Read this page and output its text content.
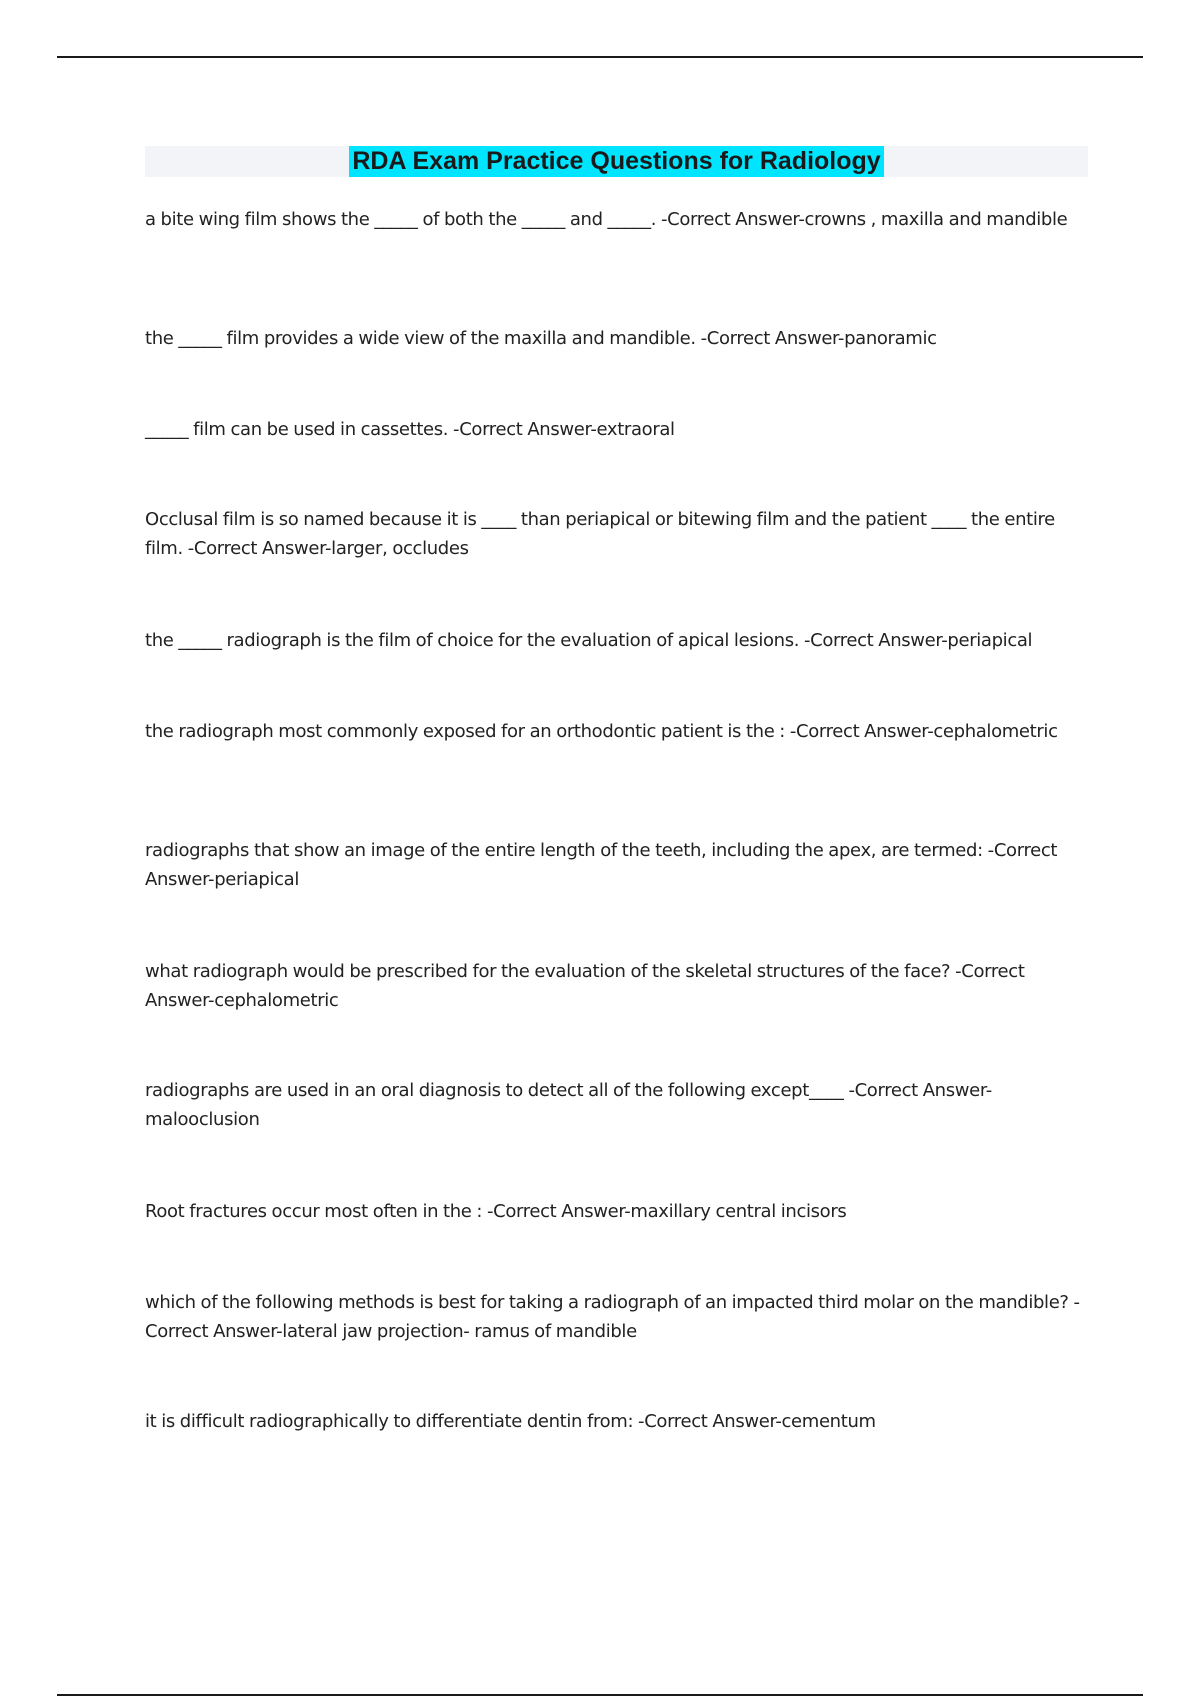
RDA Exam Practice Questions for Radiology

a bite wing film shows the _____ of both the _____ and _____. -Correct Answer-crowns , maxilla and mandible

the _____ film provides a wide view of the maxilla and mandible. -Correct Answer-panoramic

_____ film can be used in cassettes. -Correct Answer-extraoral

Occlusal film is so named because it is ____ than periapical or bitewing film and the patient ____ the entire film. -Correct Answer-larger, occludes

the _____ radiograph is the film of choice for the evaluation of apical lesions. -Correct Answer-periapical

the radiograph most commonly exposed for an orthodontic patient is the : -Correct Answer-cephalometric

radiographs that show an image of the entire length of the teeth, including the apex, are termed: -Correct Answer-periapical

what radiograph would be prescribed for the evaluation of the skeletal structures of the face? -Correct Answer-cephalometric

radiographs are used in an oral diagnosis to detect all of the following except____ -Correct Answer-malooclusion

Root fractures occur most often in the : -Correct Answer-maxillary central incisors

which of the following methods is best for taking a radiograph of an impacted third molar on the mandible? -Correct Answer-lateral jaw projection- ramus of mandible

it is difficult radiographically to differentiate dentin from: -Correct Answer-cementum
